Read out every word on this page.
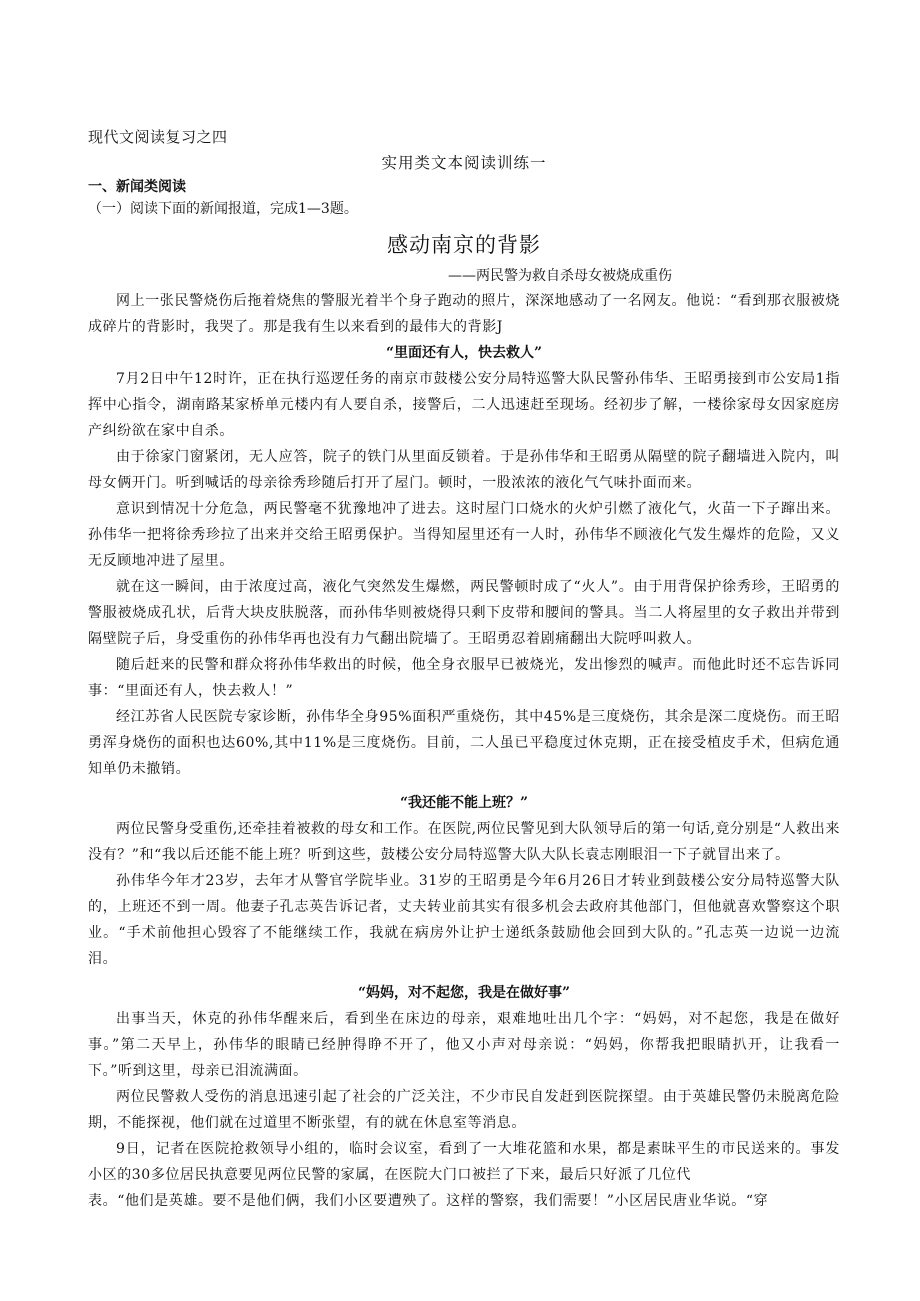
现代文阅读复习之四

实用类文本阅读训练一

一、新闻类阅读

（一）阅读下面的新闻报道，完成1—3题。

感动南京的背影

——两民警为救自杀母女被烧成重伤

网上一张民警烧伤后拖着烧焦的警服光着半个身子跑动的照片，深深地感动了一名网友。他说：“看到那衣服被烧成碎片的背影时，我哭了。那是我有生以来看到的最伟大的背影J

“里面还有人，快去救人”

7月2日中午12时许，正在执行巡逻任务的南京市鼓楼公安分局特巡警大队民警孙伟华、王昭勇接到市公安局1指挥中心指令，湖南路某家桥单元楼内有人要自杀，接警后，二人迅速赶至现场。经初步了解，一楼徐家母女因家庭房产纠纷欲在家中自杀。

由于徐家门窗紧闭，无人应答，院子的铁门从里面反锁着。于是孙伟华和王昭勇从隔壁的院子翻墙进入院内，叫母女俩开门。听到喊话的母亲徐秀珍随后打开了屋门。顿时，一股浓浓的液化气气味扑面而来。

意识到情况十分危急，两民警毫不犹豫地冲了进去。这时屋门口烧水的火炉引燃了液化气，火苗一下子蹿出来。孙伟华一把将徐秀珍拉了出来并交给王昭勇保护。当得知屋里还有一人时，孙伟华不顾液化气发生爆炸的危险，又义无反顾地冲进了屋里。

就在这一瞬间，由于浓度过高，液化气突然发生爆燃，两民警顿时成了“火人”。由于用背保护徐秀珍，王昭勇的警服被烧成孔状，后背大块皮肤脱落，而孙伟华则被烧得只剩下皮带和腰间的警具。当二人将屋里的女子救出并带到隔壁院子后，身受重伤的孙伟华再也没有力气翻出院墙了。王昭勇忍着剧痛翻出大院呼叫救人。

随后赶来的民警和群众将孙伟华救出的时候，他全身衣服早已被烧光，发出惨烈的喊声。而他此时还不忘告诉同事：“里面还有人，快去救人！”

经江苏省人民医院专家诊断，孙伟华全身95%面积严重烧伤，其中45%是三度烧伤，其余是深二度烧伤。而王昭勇浑身烧伤的面积也达60%,其中11%是三度烧伤。目前，二人虽已平稳度过休克期，正在接受植皮手术，但病危通知单仍未撤销。

“我还能不能上班？”

两位民警身受重伤,还牵挂着被救的母女和工作。在医院,两位民警见到大队领导后的第一句话,竟分别是“人救出来没有？”和“我以后还能不能上班？听到这些，鼓楼公安分局特巡警大队大队长袁志刚眼泪一下子就冒出来了。

孙伟华今年才23岁，去年才从警官学院毕业。31岁的王昭勇是今年6月26日才转业到鼓楼公安分局特巡警大队的，上班还不到一周。他妻子孔志英告诉记者，丈夫转业前其实有很多机会去政府其他部门，但他就喜欢警察这个职业。“手术前他担心毁容了不能继续工作，我就在病房外让护士递纸条鼓励他会回到大队的。”孔志英一边说一边流泪。

“妈妈，对不起您，我是在做好事”

出事当天，休克的孙伟华醒来后，看到坐在床边的母亲，艰难地吐出几个字：“妈妈，对不起您，我是在做好事。”第二天早上，孙伟华的眼睛已经肿得睁不开了，他又小声对母亲说：“妈妈，你帮我把眼睛扒开，让我看一下。”听到这里，母亲已泪流满面。

两位民警救人受伤的消息迅速引起了社会的广泛关注，不少市民自发赶到医院探望。由于英雄民警仍未脱离危险期，不能探视，他们就在过道里不断张望，有的就在休息室等消息。

9日，记者在医院抢救领导小组的，临时会议室，看到了一大堆花篮和水果，都是素昧平生的市民送来的。事发小区的30多位居民执意要见两位民警的家属，在医院大门口被拦了下来，最后只好派了几位代

表。“他们是英雄。要不是他们俩，我们小区要遭殃了。这样的警察，我们需要！”小区居民唐业华说。“穿
